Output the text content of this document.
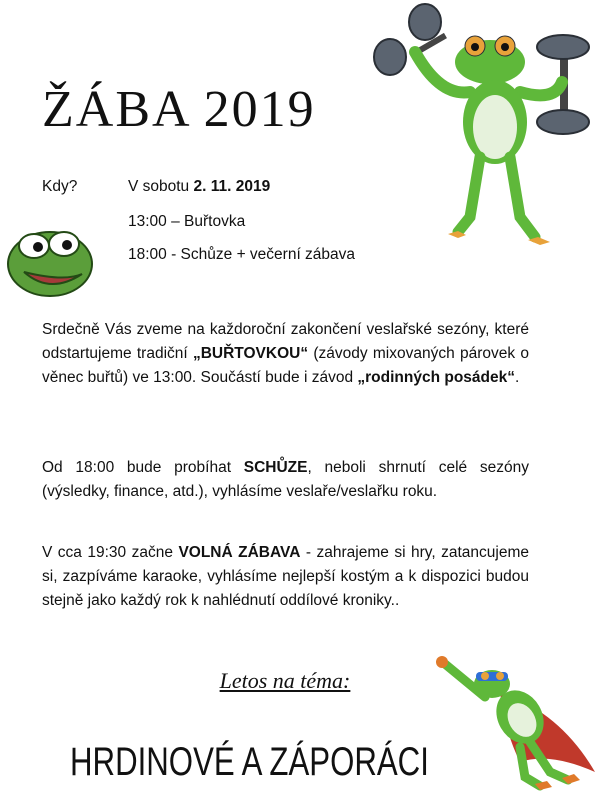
ŽÁBA 2019
Kdy?	V sobotu 2. 11. 2019
13:00 – Buřtovka
18:00 - Schůze + večerní zábava
Srdečně Vás zveme na každoroční zakončení veslařské sezóny, které odstartujeme tradiční „BUŘTOVKOU“ (závody mixovaných párovek o věnec buřtů) ve 13:00. Součástí bude i závod „rodinných posádek“.
Od 18:00 bude probíhat SCHŮZE, neboli shrnutí celé sezóny (výsledky, finance, atd.), vyhlásíme veslaře/veslařku roku.
V cca 19:30 začne VOLNÁ ZÁBAVA - zahrajeme si hry, zatancujeme si, zazpíváme karaoke, vyhlásíme nejlepší kostým a k dispozici budou stejně jako každý rok k nahlédnutí oddílové kroniky..
Letos na téma:
HRDINOVÉ A ZÁPORÁCI
